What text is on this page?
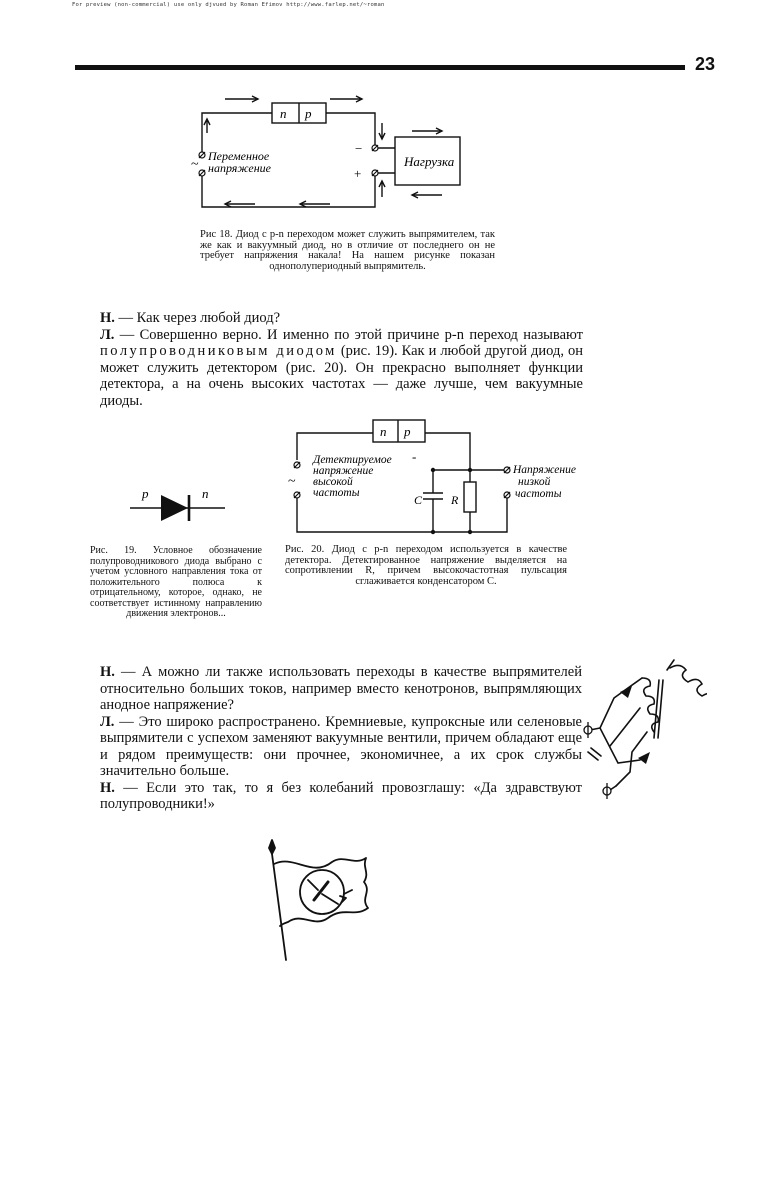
For preview (non-commercial) use only djvued by Roman Efimov http://www.farlep.net/~roman
23
n p
Переменное
напряжение
~	Нагрузка
−
+
Рис 18. Диод с p-n переходом может служить выпрямителем, так же как и вакуумный диод, но в отличие от последнего он не требует напряжения накала! На нашем рисунке показан однополупериодный выпрямитель.

Н. — Как через любой диод?

Л. — Совершенно верно. И именно по этой причине p-n переход называют полупроводниковым диодом (рис. 19). Как и любой другой диод, он может служить детектором (рис. 20). Он прекрасно выполняет функции детектора, а на очень высоких частотах — даже лучше, чем вакуумные диоды.

p	n
Рис. 19. Условное обозначение полупроводникового диода выбрано с учетом условного направления тока от положительного полюса к отрицательному, которое, однако, не соответствует истинному направлению движения электронов...
n p
Детектируемое
напряжение
высокой
частоты
~
-
C R
Напряжение
низкой
частоты
Рис. 20. Диод с p-n переходом используется в качестве детектора. Детектированное напряжение выделяется на сопротивлении R, причем высокочастотная пульсация сглаживается конденсатором С.

Н. — А можно ли также использовать переходы в качестве выпрямителей относительно больших токов, например вместо кенотронов, выпрямляющих анодное напряжение?

Л. — Это широко распространено. Кремниевые, купроксные или селеновые выпрямители с успехом заменяют вакуумные вентили, причем обладают еще и рядом преимуществ: они прочнее, экономичнее, а их срок службы значительно больше.

Н. — Если это так, то я без колебаний провозглашу: «Да здравствуют полупроводники!»
